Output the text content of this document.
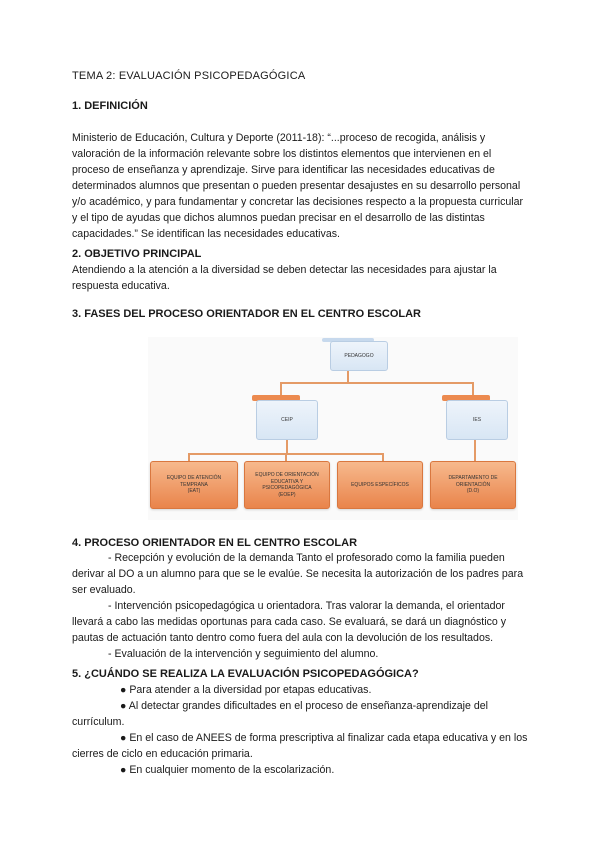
TEMA 2: EVALUACIÓN PSICOPEDAGÓGICA

1. DEFINICIÓN

Ministerio de Educación, Cultura y Deporte (2011-18): “...proceso de recogida, análisis y valoración de la información relevante sobre los distintos elementos que intervienen en el proceso de enseñanza y aprendizaje. Sirve para identificar las necesidades educativas de determinados alumnos que presentan o pueden presentar desajustes en su desarrollo personal y/o académico, y para fundamentar y concretar las decisiones respecto a la propuesta curricular y el tipo de ayudas que dichos alumnos puedan precisar en el desarrollo de las distintas capacidades.” Se identifican las necesidades educativas.

2. OBJETIVO PRINCIPAL

Atendiendo a la atención a la diversidad se deben detectar las necesidades para ajustar la respuesta educativa.

3. FASES DEL PROCESO ORIENTADOR EN EL CENTRO ESCOLAR

4. PROCESO ORIENTADOR EN EL CENTRO ESCOLAR

- Recepción y evolución de la demanda Tanto el profesorado como la familia pueden derivar al DO a un alumno para que se le evalúe. Se necesita la autorización de los padres para ser evaluado.
- Intervención psicopedagógica u orientadora. Tras valorar la demanda, el orientador llevará a cabo las medidas oportunas para cada caso. Se evaluará, se dará un diagnóstico y pautas de actuación tanto dentro como fuera del aula con la devolución de los resultados.
- Evaluación de la intervención y seguimiento del alumno.

5. ¿CUÁNDO SE REALIZA LA EVALUACIÓN PSICOPEDAGÓGICA?

● Para atender a la diversidad por etapas educativas.
● Al detectar grandes dificultades en el proceso de enseñanza-aprendizaje del currículum.
● En el caso de ANEES de forma prescriptiva al finalizar cada etapa educativa y en los cierres de ciclo en educación primaria.
● En cualquier momento de la escolarización.
PEDAGOGO
CEIP	IES
EQUIPO DE ATENCIÓN TEMPRANA
(EAT)
EQUIPO DE ORIENTACIÓN EDUCATIVA Y PSICOPEDAGÓGICA
(EOEP)
EQUIPOS ESPECÍFICOS
DEPARTAMENTO DE ORIENTACIÓN
(D.O)
